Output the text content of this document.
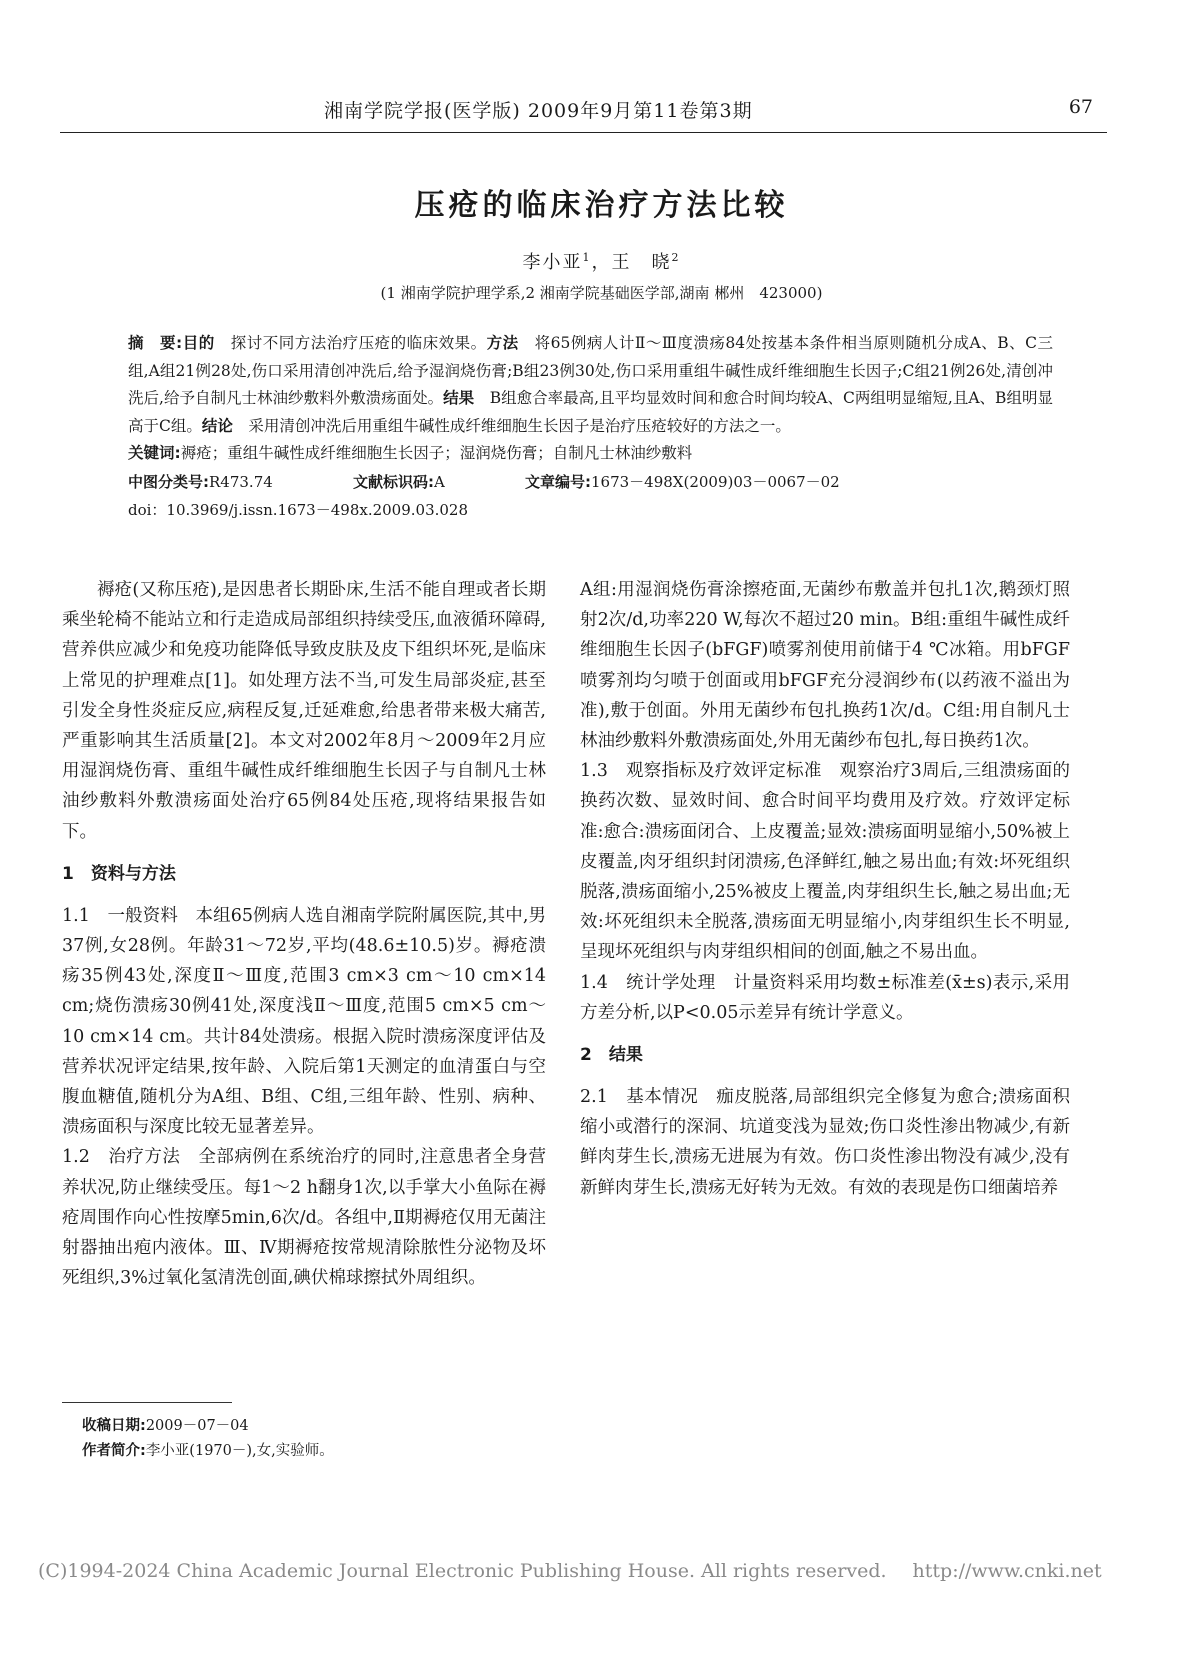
湘南学院学报(医学版) 2009年9月第11卷第3期	67
压疮的临床治疗方法比较
李小亚$^1$，王　晓$^2$
(1 湘南学院护理学系,2 湘南学院基础医学部,湖南 郴州　423000)

摘　要:目的　探讨不同方法治疗压疮的临床效果。方法　将65例病人计Ⅱ～Ⅲ度溃疡84处按基本条件相当原则随机分成A、B、C三组,A组21例28处,伤口采用清创冲洗后,给予湿润烧伤膏;B组23例30处,伤口采用重组牛碱性成纤维细胞生长因子;C组21例26处,清创冲洗后,给予自制凡士林油纱敷料外敷溃疡面处。结果　B组愈合率最高,且平均显效时间和愈合时间均较A、C两组明显缩短,且A、B组明显高于C组。结论　采用清创冲洗后用重组牛碱性成纤维细胞生长因子是治疗压疮较好的方法之一。

关键词:褥疮；重组牛碱性成纤维细胞生长因子；湿润烧伤膏；自制凡士林油纱敷料

中图分类号:R473.74	文献标识码:A	文章编号:1673－498X(2009)03－0067－02
doi：10.3969/j.issn.1673－498x.2009.03.028

褥疮(又称压疮),是因患者长期卧床,生活不能自理或者长期乘坐轮椅不能站立和行走造成局部组织持续受压,血液循环障碍,营养供应减少和免疫功能降低导致皮肤及皮下组织坏死,是临床上常见的护理难点[1]。如处理方法不当,可发生局部炎症,甚至引发全身性炎症反应,病程反复,迁延难愈,给患者带来极大痛苦,严重影响其生活质量[2]。本文对2002年8月～2009年2月应用湿润烧伤膏、重组牛碱性成纤维细胞生长因子与自制凡士林油纱敷料外敷溃疡面处治疗65例84处压疮,现将结果报告如下。

1　资料与方法

1.1　一般资料　本组65例病人选自湘南学院附属医院,其中,男37例,女28例。年龄31～72岁,平均(48.6±10.5)岁。褥疮溃疡35例43处,深度Ⅱ～Ⅲ度,范围3 cm×3 cm～10 cm×14 cm;烧伤溃疡30例41处,深度浅Ⅱ～Ⅲ度,范围5 cm×5 cm～10 cm×14 cm。共计84处溃疡。根据入院时溃疡深度评估及营养状况评定结果,按年龄、入院后第1天测定的血清蛋白与空腹血糖值,随机分为A组、B组、C组,三组年龄、性别、病种、溃疡面积与深度比较无显著差异。

1.2　治疗方法　全部病例在系统治疗的同时,注意患者全身营养状况,防止继续受压。每1～2 h翻身1次,以手掌大小鱼际在褥疮周围作向心性按摩5min,6次/d。各组中,Ⅱ期褥疮仅用无菌注射器抽出疱内液体。Ⅲ、Ⅳ期褥疮按常规清除脓性分泌物及坏死组织,3%过氧化氢清洗创面,碘伏棉球擦拭外周组织。

A组:用湿润烧伤膏涂擦疮面,无菌纱布敷盖并包扎1次,鹅颈灯照射2次/d,功率220 W,每次不超过20 min。B组:重组牛碱性成纤维细胞生长因子(bFGF)喷雾剂使用前储于4 ℃冰箱。用bFGF喷雾剂均匀喷于创面或用bFGF充分浸润纱布(以药液不溢出为准),敷于创面。外用无菌纱布包扎换药1次/d。C组:用自制凡士林油纱敷料外敷溃疡面处,外用无菌纱布包扎,每日换药1次。

1.3　观察指标及疗效评定标准　观察治疗3周后,三组溃疡面的换药次数、显效时间、愈合时间平均费用及疗效。疗效评定标准:愈合:溃疡面闭合、上皮覆盖;显效:溃疡面明显缩小,50%被上皮覆盖,肉牙组织封闭溃疡,色泽鲜红,触之易出血;有效:坏死组织脱落,溃疡面缩小,25%被皮上覆盖,肉芽组织生长,触之易出血;无效:坏死组织未全脱落,溃疡面无明显缩小,肉芽组织生长不明显,呈现坏死组织与肉芽组织相间的创面,触之不易出血。

1.4　统计学处理　计量资料采用均数±标准差(x̄±s)表示,采用方差分析,以P<0.05示差异有统计学意义。

2　结果

2.1　基本情况　痂皮脱落,局部组织完全修复为愈合;溃疡面积缩小或潜行的深洞、坑道变浅为显效;伤口炎性渗出物减少,有新鲜肉芽生长,溃疡无进展为有效。伤口炎性渗出物没有减少,没有新鲜肉芽生长,溃疡无好转为无效。有效的表现是伤口细菌培养

收稿日期:2009－07－04
作者简介:李小亚(1970－),女,实验师。
(C)1994-2024 China Academic Journal Electronic Publishing House. All rights reserved. http://www.cnki.net
